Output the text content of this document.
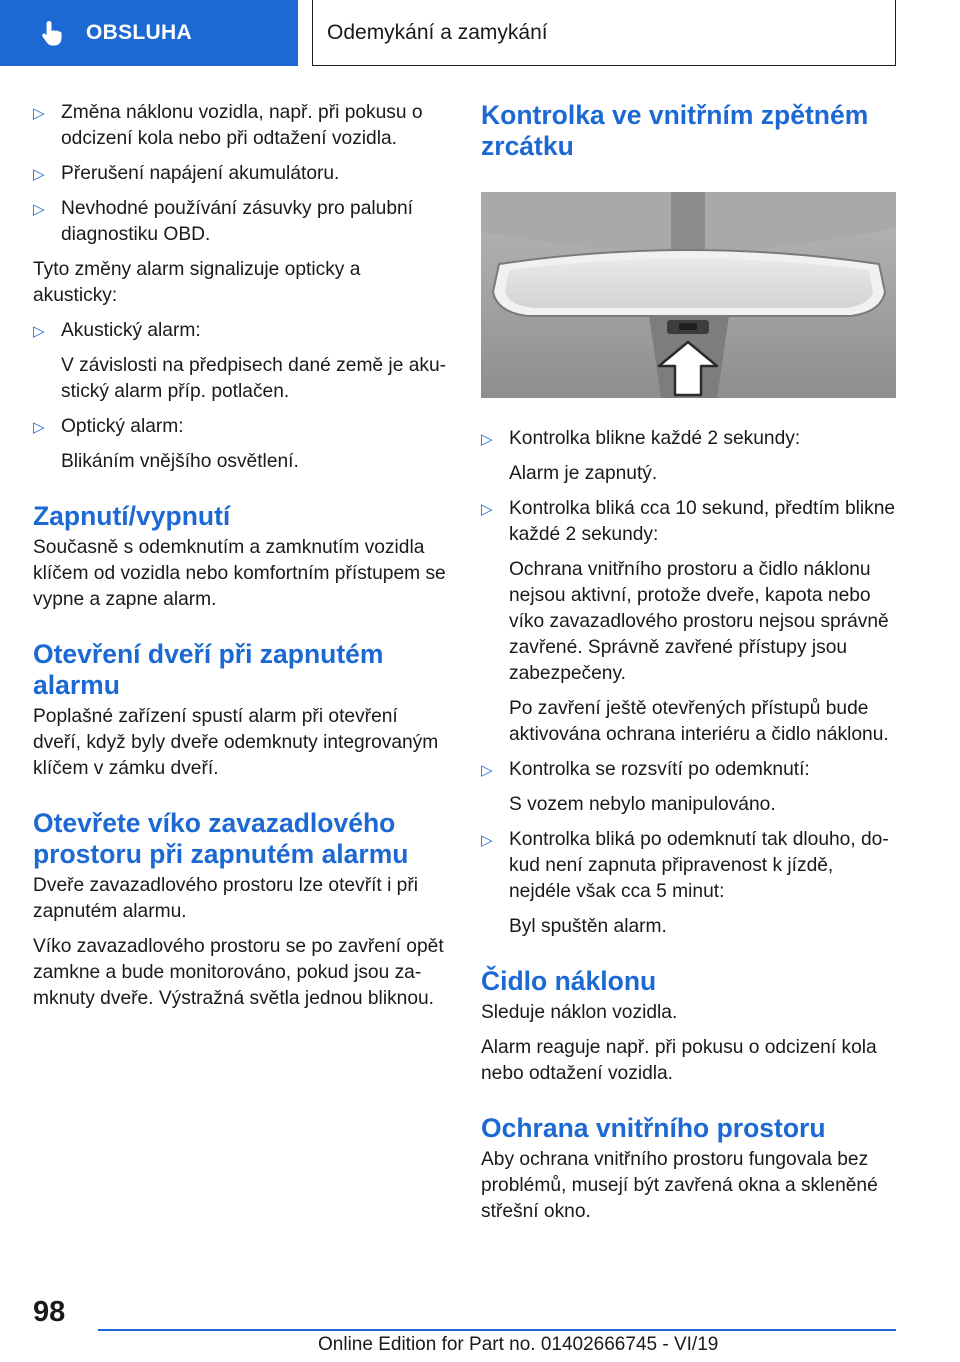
OBSLUHA	Odemykání a zamykání
▷ Změna náklonu vozidla, např. při pokusu o odcizení kola nebo při odtažení vozidla.
▷ Přerušení napájení akumulátoru.
▷ Nevhodné používání zásuvky pro palubní diagnostiku OBD.

Tyto změny alarm signalizuje opticky a akusticky:

▷ Akustický alarm:
V závislosti na předpisech dané země je akustický alarm příp. potlačen.
▷ Optický alarm:
Blikáním vnějšího osvětlení.
Zapnutí/vypnutí

Současně s odemknutím a zamknutím vozidla klíčem od vozidla nebo komfortním přístupem se vypne a zapne alarm.

Otevření dveří při zapnutém alarmu

Poplašné zařízení spustí alarm při otevření dveří, když byly dveře odemknuty integrovaným klíčem v zámku dveří.

Otevřete víko zavazadlového prostoru při zapnutém alarmu

Dveře zavazadlového prostoru lze otevřít i při zapnutém alarmu.

Víko zavazadlového prostoru se po zavření opět zamkne a bude monitorováno, pokud jsou zamknuty dveře. Výstražná světla jednou bliknou.

Kontrolka ve vnitřním zpětném zrcátku
▷ Kontrolka blikne každé 2 sekundy:
Alarm je zapnutý.
▷ Kontrolka bliká cca 10 sekund, předtím blikne každé 2 sekundy:
Ochrana vnitřního prostoru a čidlo náklonu nejsou aktivní, protože dveře, kapota nebo víko zavazadlového prostoru nejsou správně zavřené. Správně zavřené přístupy jsou zabezpečeny.
Po zavření ještě otevřených přístupů bude aktivována ochrana interiéru a čidlo náklonu.
▷ Kontrolka se rozsvítí po odemknutí:
S vozem nebylo manipulováno.
▷ Kontrolka bliká po odemknutí tak dlouho, dokud není zapnuta připravenost k jízdě, nejdéle však cca 5 minut:
Byl spuštěn alarm.
Čidlo náklonu

Sleduje náklon vozidla.

Alarm reaguje např. při pokusu o odcizení kola nebo odtažení vozidla.

Ochrana vnitřního prostoru

Aby ochrana vnitřního prostoru fungovala bez problémů, musejí být zavřená okna a skleněné střešní okno.

98
Online Edition for Part no. 01402666745 - VI/19
